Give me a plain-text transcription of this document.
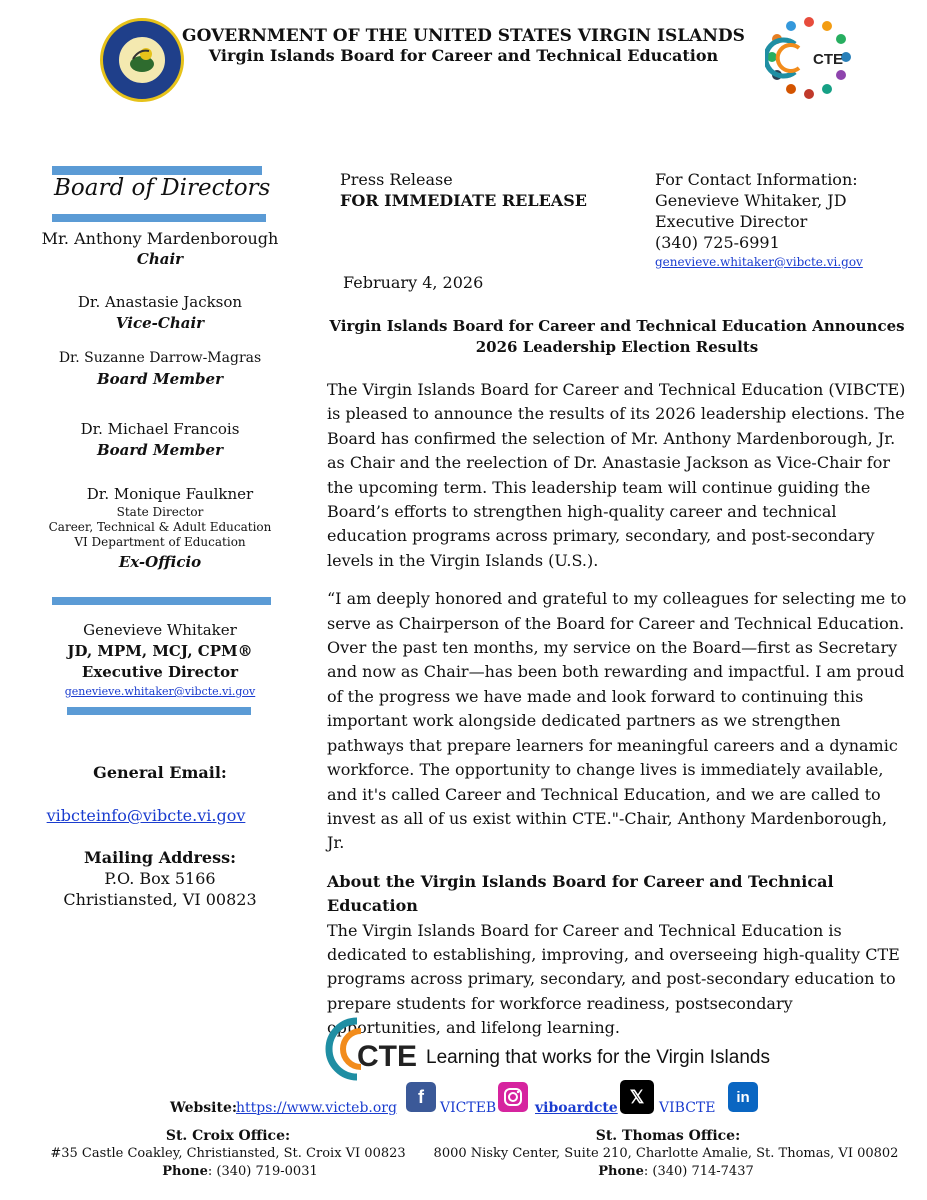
GOVERNMENT OF THE UNITED STATES VIRGIN ISLANDS
Virgin Islands Board for Career and Technical Education	CTE
Board of Directors
Mr. Anthony Mardenborough
Chair
Dr. Anastasie Jackson
Vice-Chair
Dr. Suzanne Darrow-Magras
Board Member
Dr. Michael Francois
Board Member
Dr. Monique Faulkner
State Director
Career, Technical & Adult Education
VI Department of Education
Ex-Officio
Genevieve Whitaker
JD, MPM, MCJ, CPM®
Executive Director
genevieve.whitaker@vibcte.vi.gov
General Email:
vibcteinfo@vibcte.vi.gov
Mailing Address:
P.O. Box 5166
Christiansted, VI 00823
Press Release
FOR IMMEDIATE RELEASE
February 4, 2026
For Contact Information:
Genevieve Whitaker, JD
Executive Director
(340) 725-6991
genevieve.whitaker@vibcte.vi.gov
Virgin Islands Board for Career and Technical Education Announces
2026 Leadership Election Results

The Virgin Islands Board for Career and Technical Education (VIBCTE) is pleased to announce the results of its 2026 leadership elections. The Board has confirmed the selection of Mr. Anthony Mardenborough, Jr. as Chair and the reelection of Dr. Anastasie Jackson as Vice-Chair for the upcoming term. This leadership team will continue guiding the Board’s efforts to strengthen high-quality career and technical education programs across primary, secondary, and post-secondary levels in the Virgin Islands (U.S.).

“I am deeply honored and grateful to my colleagues for selecting me to serve as Chairperson of the Board for Career and Technical Education. Over the past ten months, my service on the Board—first as Secretary and now as Chair—has been both rewarding and impactful. I am proud of the progress we have made and look forward to continuing this important work alongside dedicated partners as we strengthen pathways that prepare learners for meaningful careers and a dynamic workforce. The opportunity to change lives is immediately available, and it's called Career and Technical Education, and we are called to invest as all of us exist within CTE."-Chair, Anthony Mardenborough, Jr.

About the Virgin Islands Board for Career and Technical Education

The Virgin Islands Board for Career and Technical Education is dedicated to establishing, improving, and overseeing high-quality CTE programs across primary, secondary, and post-secondary education to prepare students for workforce readiness, postsecondary opportunities, and lifelong learning.

CTE Learning that works for the Virgin Islands
Website:
https://www.victeb.org
f
VICTEB	viboardcte
𝕏
VIBCTE
in
St. Croix Office:
#35 Castle Coakley, Christiansted, St. Croix VI 00823
Phone: (340) 719-0031
St. Thomas Office:
8000 Nisky Center, Suite 210, Charlotte Amalie, St. Thomas, VI 00802
Phone: (340) 714-7437
